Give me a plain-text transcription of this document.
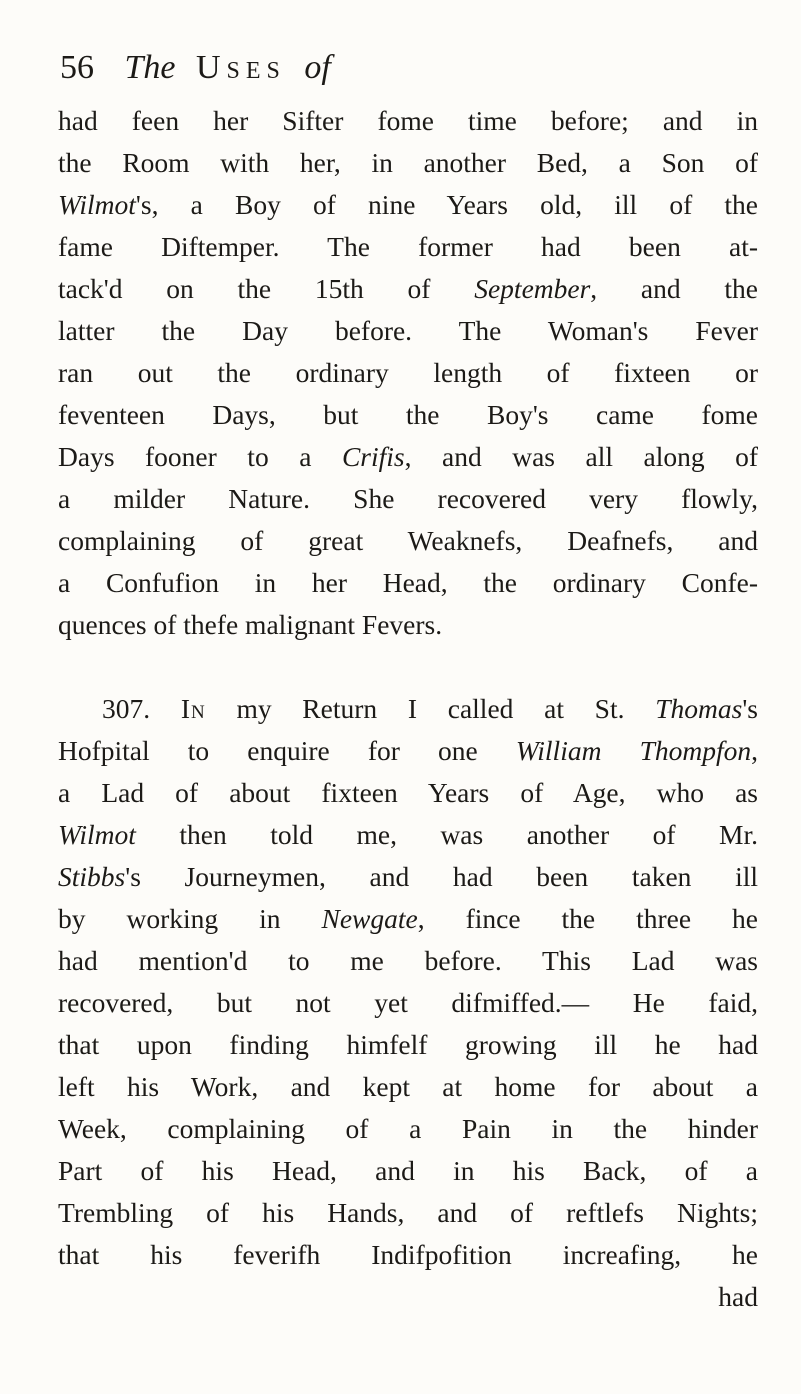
56 The Uses of
had feen her Sifter fome time before; and in
the Room with her, in another Bed, a Son of
Wilmot's, a Boy of nine Years old, ill of the
fame Diftemper. The former had been at-
tack'd on the 15th of September, and the
latter the Day before. The Woman's Fever
ran out the ordinary length of fixteen or
feventeen Days, but the Boy's came fome
Days fooner to a Crifis, and was all along of
a milder Nature. She recovered very flowly,
complaining of great Weaknefs, Deafnefs, and
a Confufion in her Head, the ordinary Confe-
quences of thefe malignant Fevers.
307. In my Return I called at St. Thomas's
Hofpital to enquire for one William Thompfon,
a Lad of about fixteen Years of Age, who as
Wilmot then told me, was another of Mr.
Stibbs's Journeymen, and had been taken ill
by working in Newgate, fince the three he
had mention'd to me before. This Lad was
recovered, but not yet difmiffed.— He faid,
that upon finding himfelf growing ill he had
left his Work, and kept at home for about a
Week, complaining of a Pain in the hinder
Part of his Head, and in his Back, of a
Trembling of his Hands, and of reftlefs Nights;
that his feverifh Indifpofition increafing, he
had
